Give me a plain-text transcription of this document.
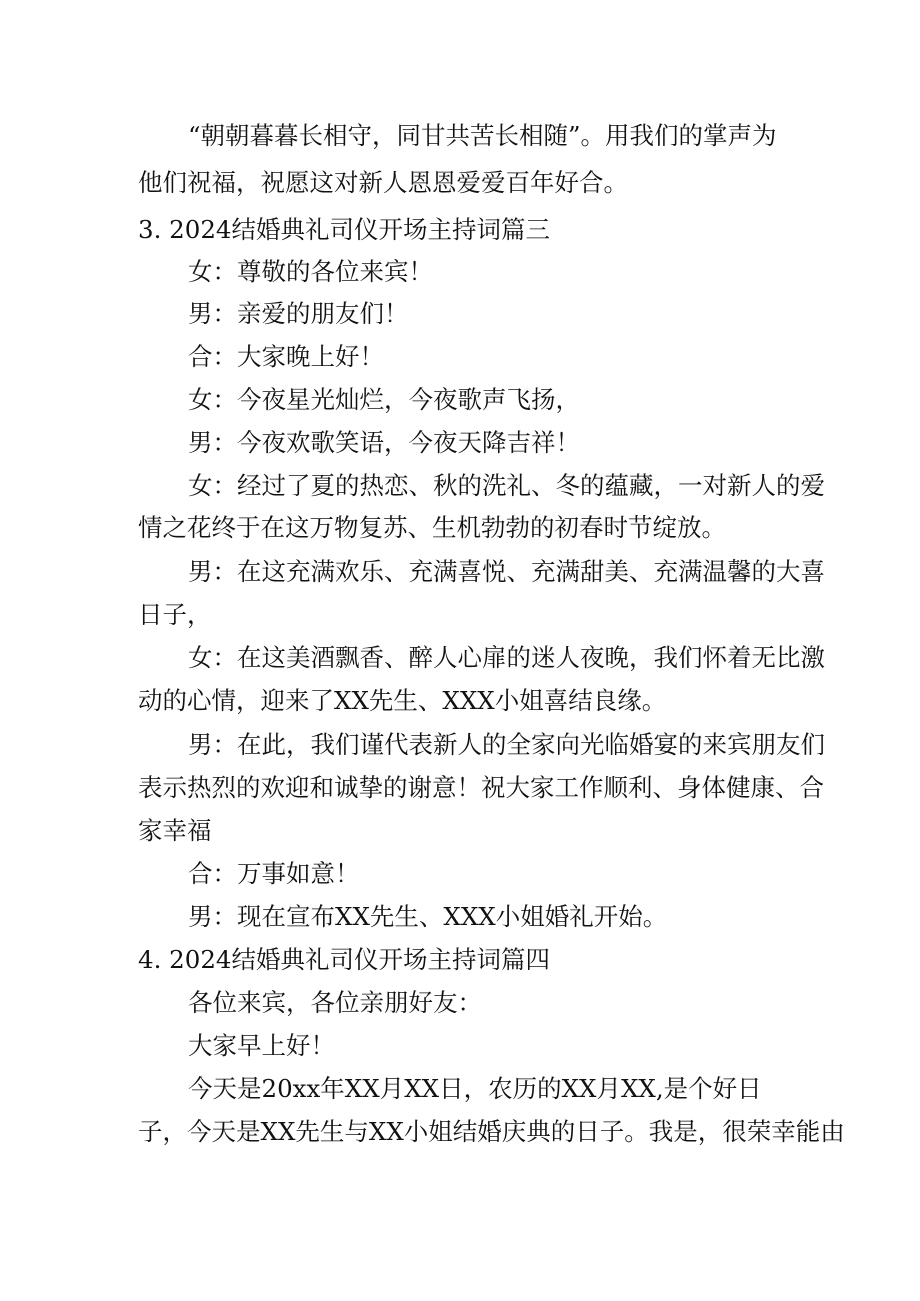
“朝朝暮暮长相守，同甘共苦长相随”。用我们的掌声为
他们祝福，祝愿这对新人恩恩爱爱百年好合。
3. 2024结婚典礼司仪开场主持词篇三
女：尊敬的各位来宾！
男：亲爱的朋友们！
合：大家晚上好！
女：今夜星光灿烂，今夜歌声飞扬，
男：今夜欢歌笑语，今夜天降吉祥！
女：经过了夏的热恋、秋的洗礼、冬的蕴藏，一对新人的爱
情之花终于在这万物复苏、生机勃勃的初春时节绽放。
男：在这充满欢乐、充满喜悦、充满甜美、充满温馨的大喜
日子，
女：在这美酒飘香、醉人心扉的迷人夜晚，我们怀着无比激
动的心情，迎来了XX先生、XXX小姐喜结良缘。
男：在此，我们谨代表新人的全家向光临婚宴的来宾朋友们
表示热烈的欢迎和诚挚的谢意！祝大家工作顺利、身体健康、合
家幸福
合：万事如意！
男：现在宣布XX先生、XXX小姐婚礼开始。
4. 2024结婚典礼司仪开场主持词篇四
各位来宾，各位亲朋好友：
大家早上好！
今天是20xx年XX月XX日，农历的XX月XX,是个好日
子，今天是XX先生与XX小姐结婚庆典的日子。我是，很荣幸能由
